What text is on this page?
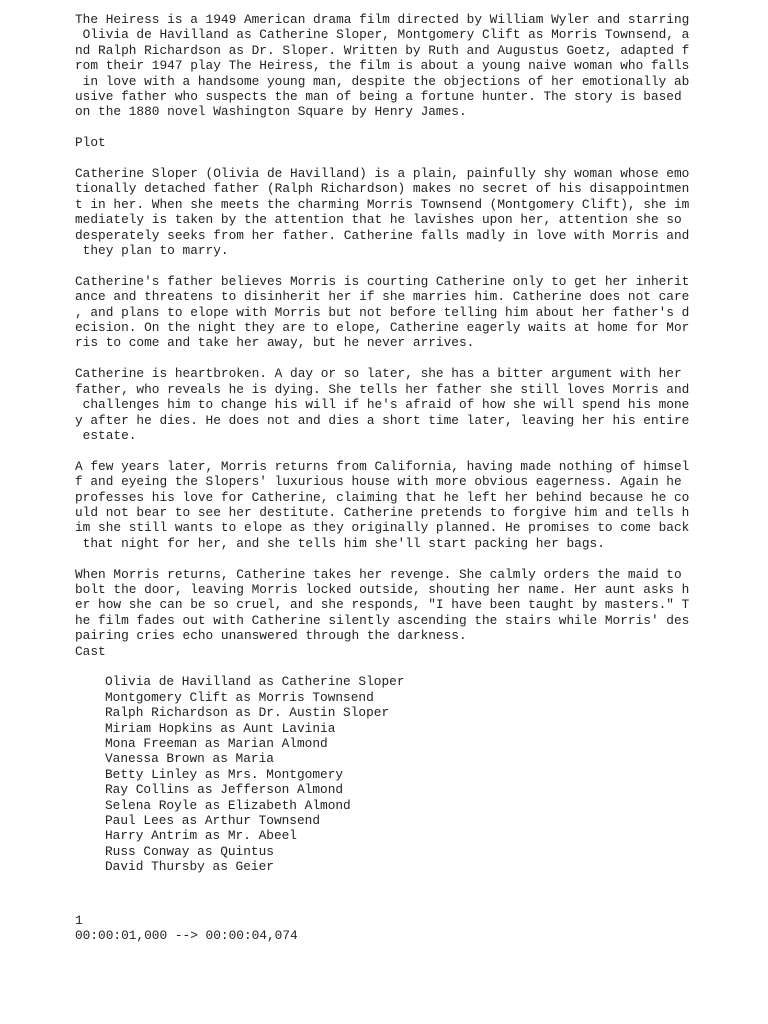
The Heiress is a 1949 American drama film directed by William Wyler and starring
Olivia de Havilland as Catherine Sloper, Montgomery Clift as Morris Townsend, a
nd Ralph Richardson as Dr. Sloper. Written by Ruth and Augustus Goetz, adapted f
rom their 1947 play The Heiress, the film is about a young naive woman who falls
in love with a handsome young man, despite the objections of her emotionally ab
usive father who suspects the man of being a fortune hunter. The story is based
on the 1880 novel Washington Square by Henry James.
Plot
Catherine Sloper (Olivia de Havilland) is a plain, painfully shy woman whose emo
tionally detached father (Ralph Richardson) makes no secret of his disappointmen
t in her. When she meets the charming Morris Townsend (Montgomery Clift), she im
mediately is taken by the attention that he lavishes upon her, attention she so
desperately seeks from her father. Catherine falls madly in love with Morris and
they plan to marry.
Catherine's father believes Morris is courting Catherine only to get her inherit
ance and threatens to disinherit her if she marries him. Catherine does not care
, and plans to elope with Morris but not before telling him about her father's d
ecision. On the night they are to elope, Catherine eagerly waits at home for Mor
ris to come and take her away, but he never arrives.
Catherine is heartbroken. A day or so later, she has a bitter argument with her
father, who reveals he is dying. She tells her father she still loves Morris and
challenges him to change his will if he's afraid of how she will spend his mone
y after he dies. He does not and dies a short time later, leaving her his entire
estate.
A few years later, Morris returns from California, having made nothing of himsel
f and eyeing the Slopers' luxurious house with more obvious eagerness. Again he
professes his love for Catherine, claiming that he left her behind because he co
uld not bear to see her destitute. Catherine pretends to forgive him and tells h
im she still wants to elope as they originally planned. He promises to come back
that night for her, and she tells him she'll start packing her bags.
When Morris returns, Catherine takes her revenge. She calmly orders the maid to
bolt the door, leaving Morris locked outside, shouting her name. Her aunt asks h
er how she can be so cruel, and she responds, "I have been taught by masters." T
he film fades out with Catherine silently ascending the stairs while Morris' des
pairing cries echo unanswered through the darkness.
Cast
Olivia de Havilland as Catherine Sloper
Montgomery Clift as Morris Townsend
Ralph Richardson as Dr. Austin Sloper
Miriam Hopkins as Aunt Lavinia
Mona Freeman as Marian Almond
Vanessa Brown as Maria
Betty Linley as Mrs. Montgomery
Ray Collins as Jefferson Almond
Selena Royle as Elizabeth Almond
Paul Lees as Arthur Townsend
Harry Antrim as Mr. Abeel
Russ Conway as Quintus
David Thursby as Geier
1
00:00:01,000 --> 00:00:04,074
